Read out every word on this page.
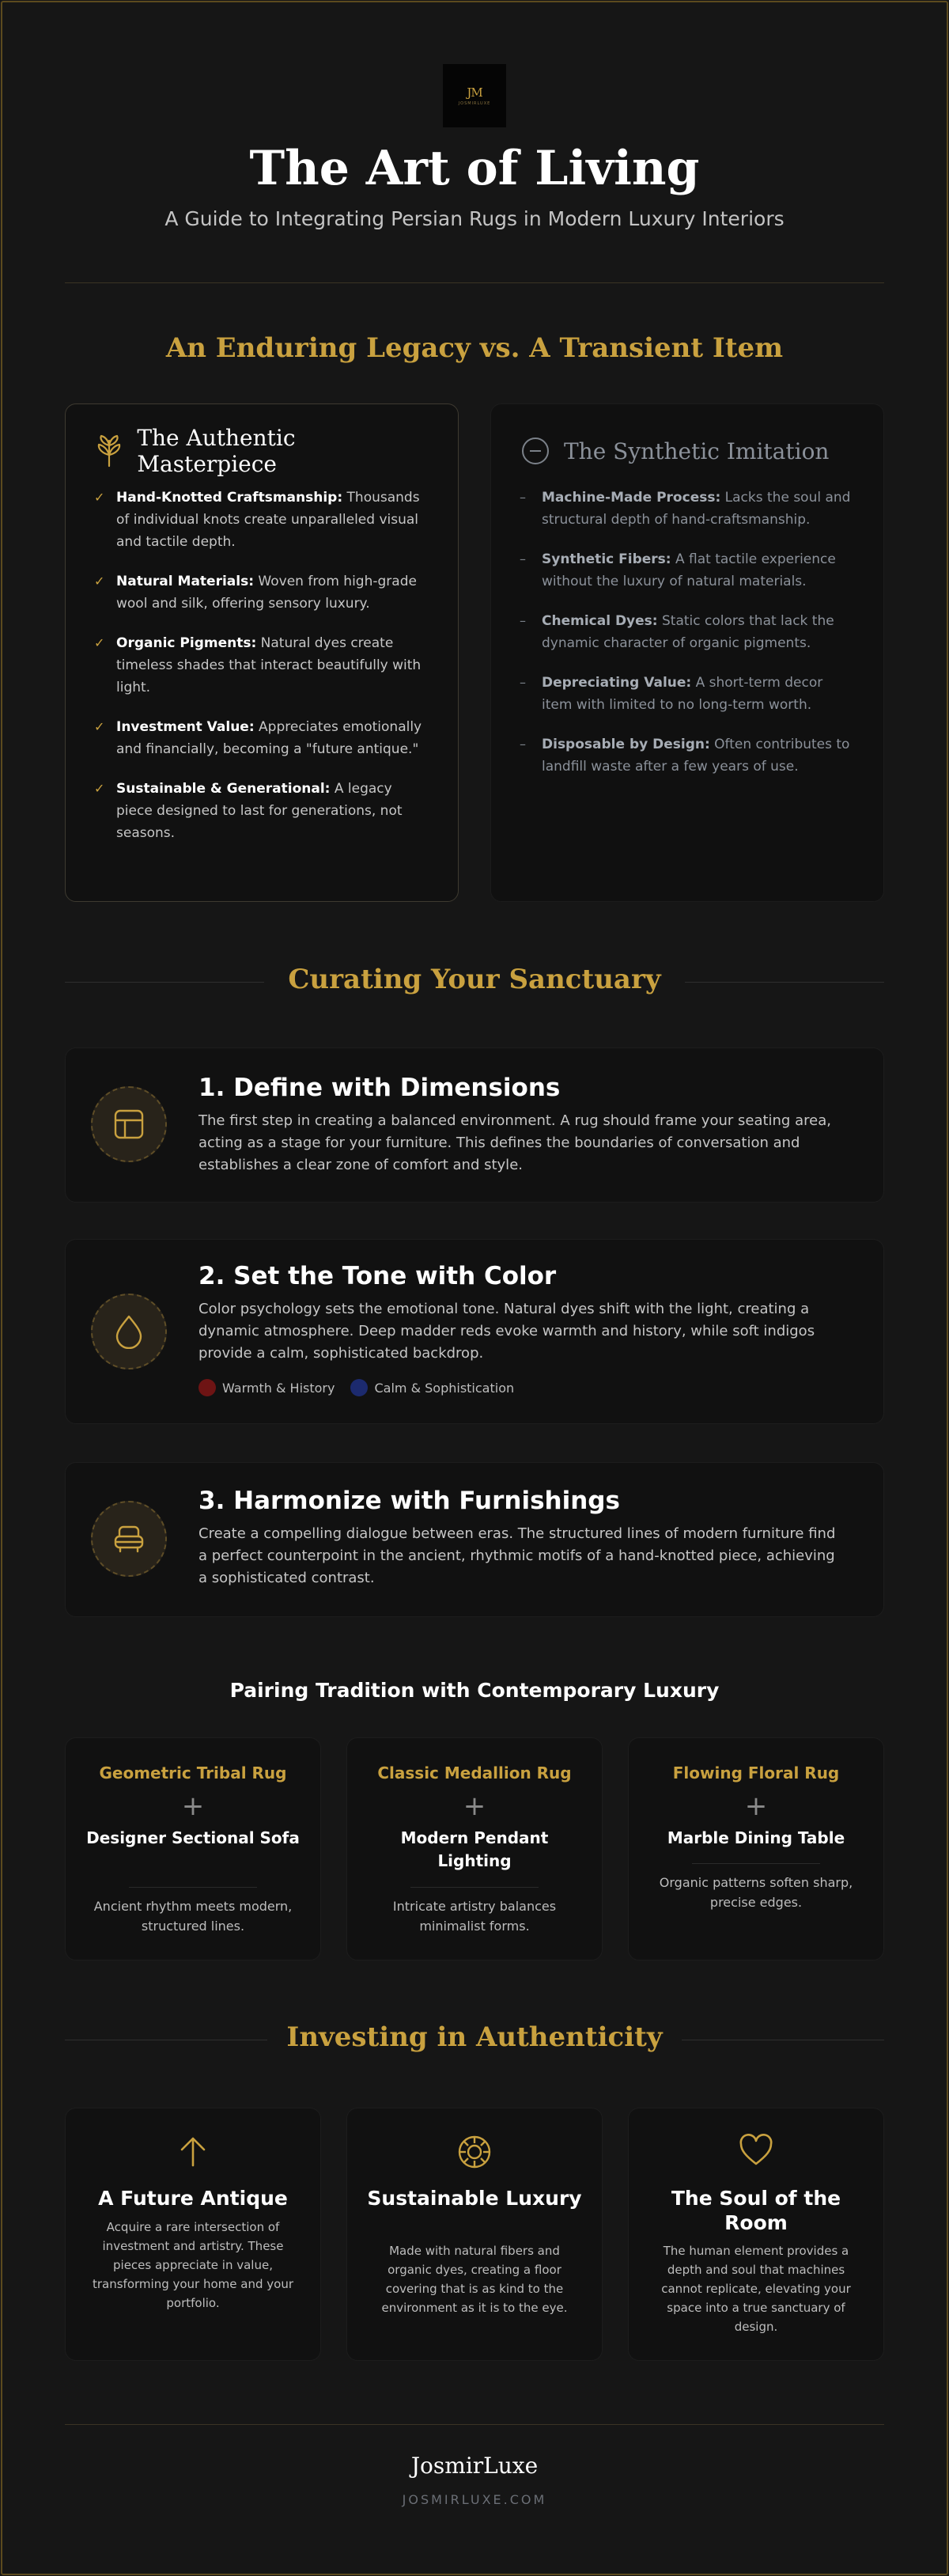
JM
JOSMIRLUXE
The Art of Living
A Guide to Integrating Persian Rugs in Modern Luxury Interiors
An Enduring Legacy vs. A Transient Item
The Authentic Masterpiece
✓ Hand-Knotted Craftsmanship: Thousands of individual knots create unparalleled visual and tactile depth.
✓ Natural Materials: Woven from high-grade wool and silk, offering sensory luxury.
✓ Organic Pigments: Natural dyes create timeless shades that interact beautifully with light.
✓ Investment Value: Appreciates emotionally and financially, becoming a "future antique."
✓ Sustainable & Generational: A legacy piece designed to last for generations, not seasons.
The Synthetic Imitation
–	Machine-Made Process: Lacks the soul and structural depth of hand-craftsmanship.
–	Synthetic Fibers: A flat tactile experience without the luxury of natural materials.
–	Chemical Dyes: Static colors that lack the dynamic character of organic pigments.
–	Depreciating Value: A short-term decor item with limited to no long-term worth.
–	Disposable by Design: Often contributes to landfill waste after a few years of use.
Curating Your Sanctuary
1. Define with Dimensions
The first step in creating a balanced environment. A rug should frame your seating area, acting as a stage for your furniture. This defines the boundaries of conversation and establishes a clear zone of comfort and style.
2. Set the Tone with Color
Color psychology sets the emotional tone. Natural dyes shift with the light, creating a dynamic atmosphere. Deep madder reds evoke warmth and history, while soft indigos provide a calm, sophisticated backdrop.
Warmth & History	Calm & Sophistication
3. Harmonize with Furnishings
Create a compelling dialogue between eras. The structured lines of modern furniture find a perfect counterpoint in the ancient, rhythmic motifs of a hand-knotted piece, achieving a sophisticated contrast.
Pairing Tradition with Contemporary Luxury
Geometric Tribal Rug
+
Designer Sectional Sofa
Ancient rhythm meets modern, structured lines.
Classic Medallion Rug
+
Modern Pendant Lighting
Intricate artistry balances minimalist forms.
Flowing Floral Rug
+
Marble Dining Table
Organic patterns soften sharp, precise edges.
Investing in Authenticity
A Future Antique
Acquire a rare intersection of investment and artistry. These pieces appreciate in value, transforming your home and your portfolio.
Sustainable Luxury
Made with natural fibers and organic dyes, creating a floor covering that is as kind to the environment as it is to the eye.
The Soul of the Room
The human element provides a depth and soul that machines cannot replicate, elevating your space into a true sanctuary of design.
JosmirLuxe
JOSMIRLUXE.COM
